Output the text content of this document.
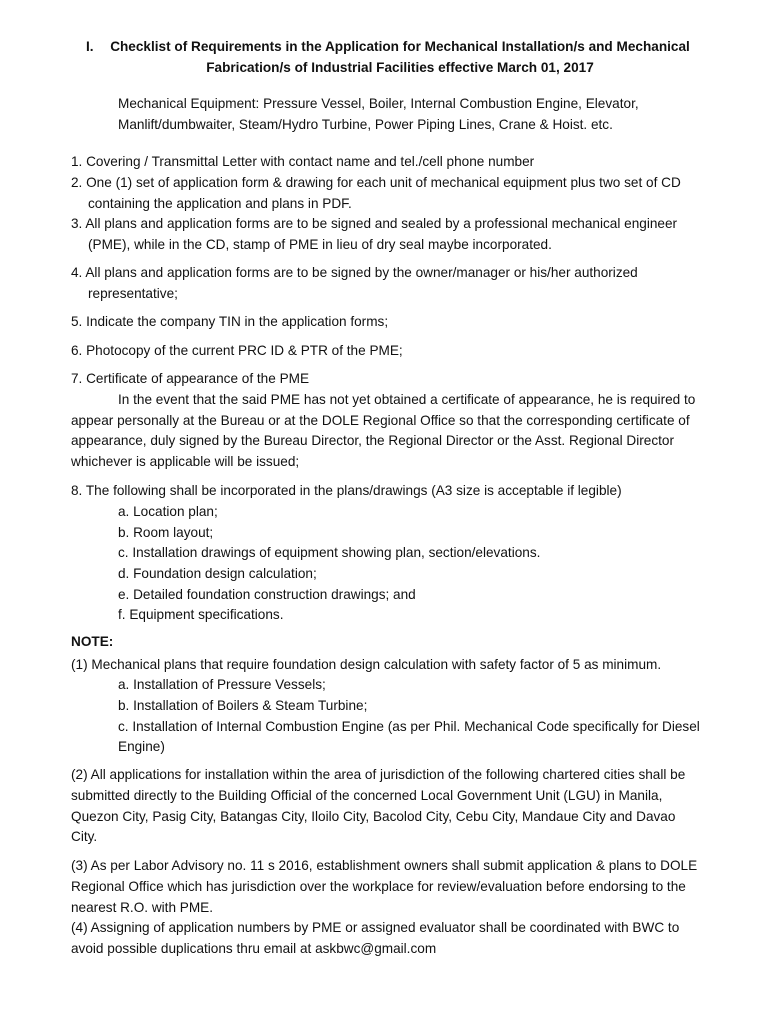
I.	Checklist of Requirements in the Application for Mechanical Installation/s and Mechanical
Fabrication/s of Industrial Facilities effective March 01, 2017
Mechanical Equipment: Pressure Vessel, Boiler, Internal Combustion Engine, Elevator,
Manlift/dumbwaiter, Steam/Hydro Turbine, Power Piping Lines, Crane & Hoist. etc.
1. Covering / Transmittal Letter with contact name and tel./cell phone number
2. One (1) set of application form & drawing for each unit of mechanical equipment plus two set of CD
containing the application and plans in PDF.
3. All plans and application forms are to be signed and sealed by a professional mechanical engineer
(PME), while in the CD, stamp of PME in lieu of dry seal maybe incorporated.
4. All plans and application forms are to be signed by the owner/manager or his/her authorized
representative;
5. Indicate the company TIN in the application forms;
6. Photocopy of the current PRC ID & PTR of the PME;
7. Certificate of appearance of the PME
In the event that the said PME has not yet obtained a certificate of appearance, he is required to
appear personally at the Bureau or at the DOLE Regional Office so that the corresponding certificate of
appearance, duly signed by the Bureau Director, the Regional Director or the Asst. Regional Director
whichever is applicable will be issued;
8. The following shall be incorporated in the plans/drawings (A3 size is acceptable if legible)
a. Location plan;
b. Room layout;
c. Installation drawings of equipment showing plan, section/elevations.
d. Foundation design calculation;
e. Detailed foundation construction drawings; and
f. Equipment specifications.
NOTE:
(1) Mechanical plans that require foundation design calculation with safety factor of 5 as minimum.
a. Installation of Pressure Vessels;
b. Installation of Boilers & Steam Turbine;
c. Installation of Internal Combustion Engine (as per Phil. Mechanical Code specifically for Diesel
Engine)
(2) All applications for installation within the area of jurisdiction of the following chartered cities shall be
submitted directly to the Building Official of the concerned Local Government Unit (LGU) in Manila,
Quezon City, Pasig City, Batangas City, Iloilo City, Bacolod City, Cebu City, Mandaue City and Davao
City.
(3) As per Labor Advisory no. 11 s 2016, establishment owners shall submit application & plans to DOLE
Regional Office which has jurisdiction over the workplace for review/evaluation before endorsing to the
nearest R.O. with PME.
(4) Assigning of application numbers by PME or assigned evaluator shall be coordinated with BWC to
avoid possible duplications thru email at askbwc@gmail.com
